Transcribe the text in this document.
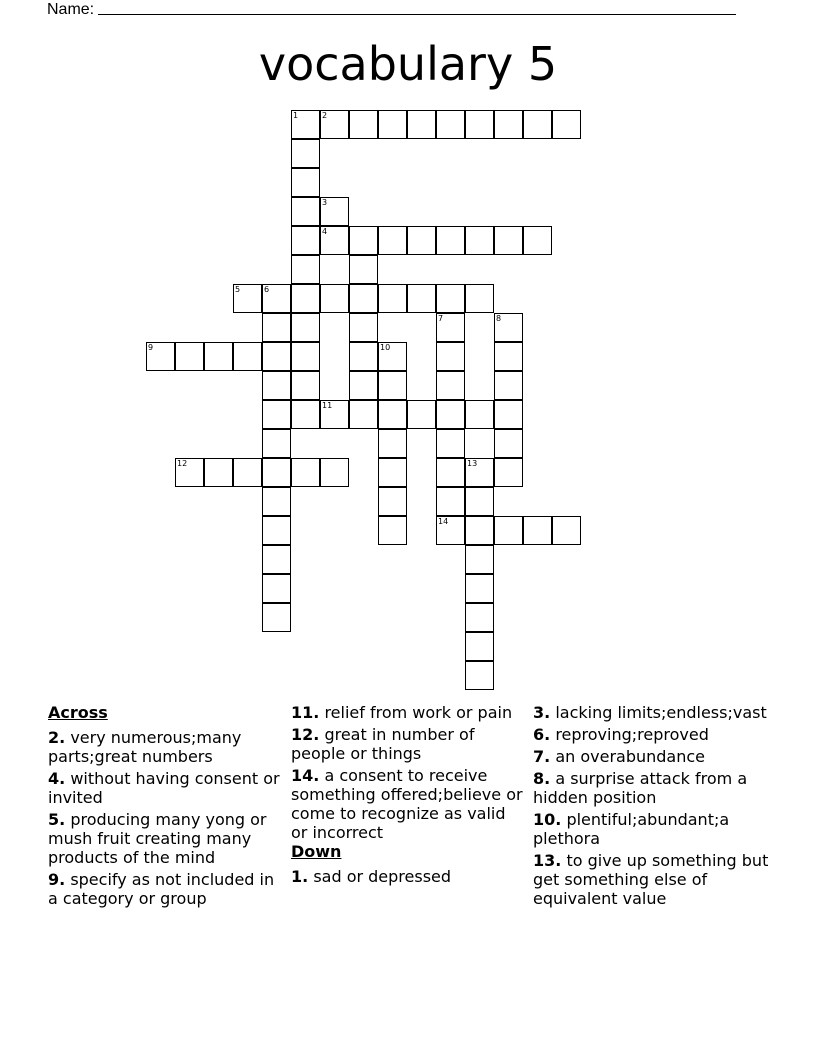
Name:
vocabulary 5
1	2
3
4
5	6
9
7	8
10
11
12	13
14
Across
2. very numerous;many parts;great numbers
4. without having consent or invited
5. producing many yong or mush fruit creating many products of the mind
9. specify as not included in a category or group
11. relief from work or pain
12. great in number of people or things
14. a consent to receive something offered;believe or come to recognize as valid or incorrect
Down
1. sad or depressed
3. lacking limits;endless;vast
6. reproving;reproved
7. an overabundance
8. a surprise attack from a hidden position
10. plentiful;abundant;a plethora
13. to give up something but get something else of equivalent value
